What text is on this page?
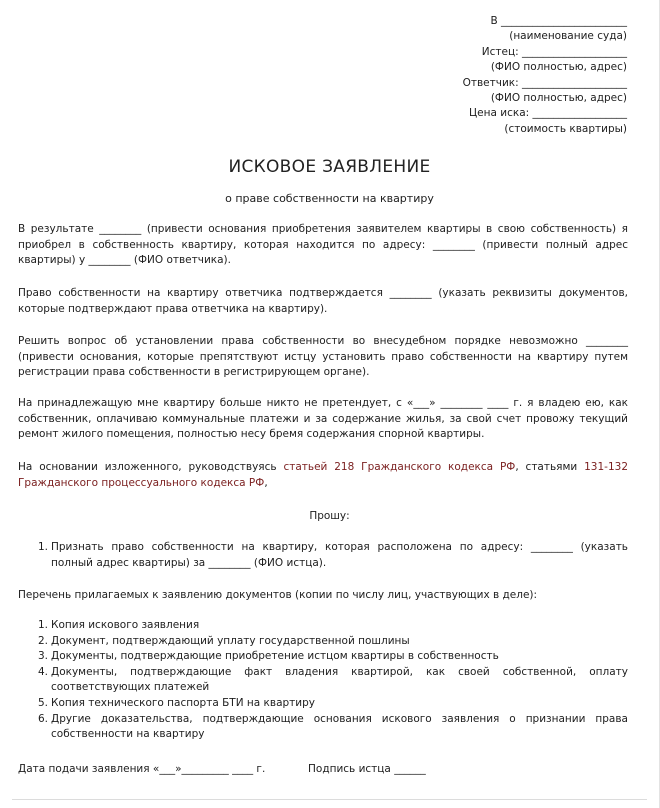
В ________________________
(наименование суда)
Истец: ____________________
(ФИО полностью, адрес)
Ответчик: ____________________
(ФИО полностью, адрес)
Цена иска: __________________
(стоимость квартиры)
ИСКОВОЕ ЗАЯВЛЕНИЕ
о праве собственности на квартиру
В результате ________ (привести основания приобретения заявителем квартиры в свою собственность) я приобрел в собственность квартиру, которая находится по адресу: ________ (привести полный адрес квартиры) у ________ (ФИО ответчика).
Право собственности на квартиру ответчика подтверждается ________ (указать реквизиты документов, которые подтверждают права ответчика на квартиру).
Решить вопрос об установлении права собственности во внесудебном порядке невозможно ________ (привести основания, которые препятствуют истцу установить право собственности на квартиру путем регистрации права собственности в регистрирующем органе).
На принадлежащую мне квартиру больше никто не претендует, с «___» ________ ____ г. я владею ею, как собственник, оплачиваю коммунальные платежи и за содержание жилья, за свой счет провожу текущий ремонт жилого помещения, полностью несу бремя содержания спорной квартиры.
На основании изложенного, руководствуясь статьей 218 Гражданского кодекса РФ, статьями 131-132 Гражданского процессуального кодекса РФ,
Прошу:
1. Признать право собственности на квартиру, которая расположена по адресу: ________ (указать полный адрес квартиры) за ________ (ФИО истца).
Перечень прилагаемых к заявлению документов (копии по числу лиц, участвующих в деле):
1. Копия искового заявления
2. Документ, подтверждающий уплату государственной пошлины
3. Документы, подтверждающие приобретение истцом квартиры в собственность
4. Документы, подтверждающие факт владения квартирой, как своей собственной, оплату соответствующих платежей
5. Копия технического паспорта БТИ на квартиру
6. Другие доказательства, подтверждающие основания искового заявления о признании права собственности на квартиру
Дата подачи заявления «___»_________ ____ г.	Подпись истца ______
